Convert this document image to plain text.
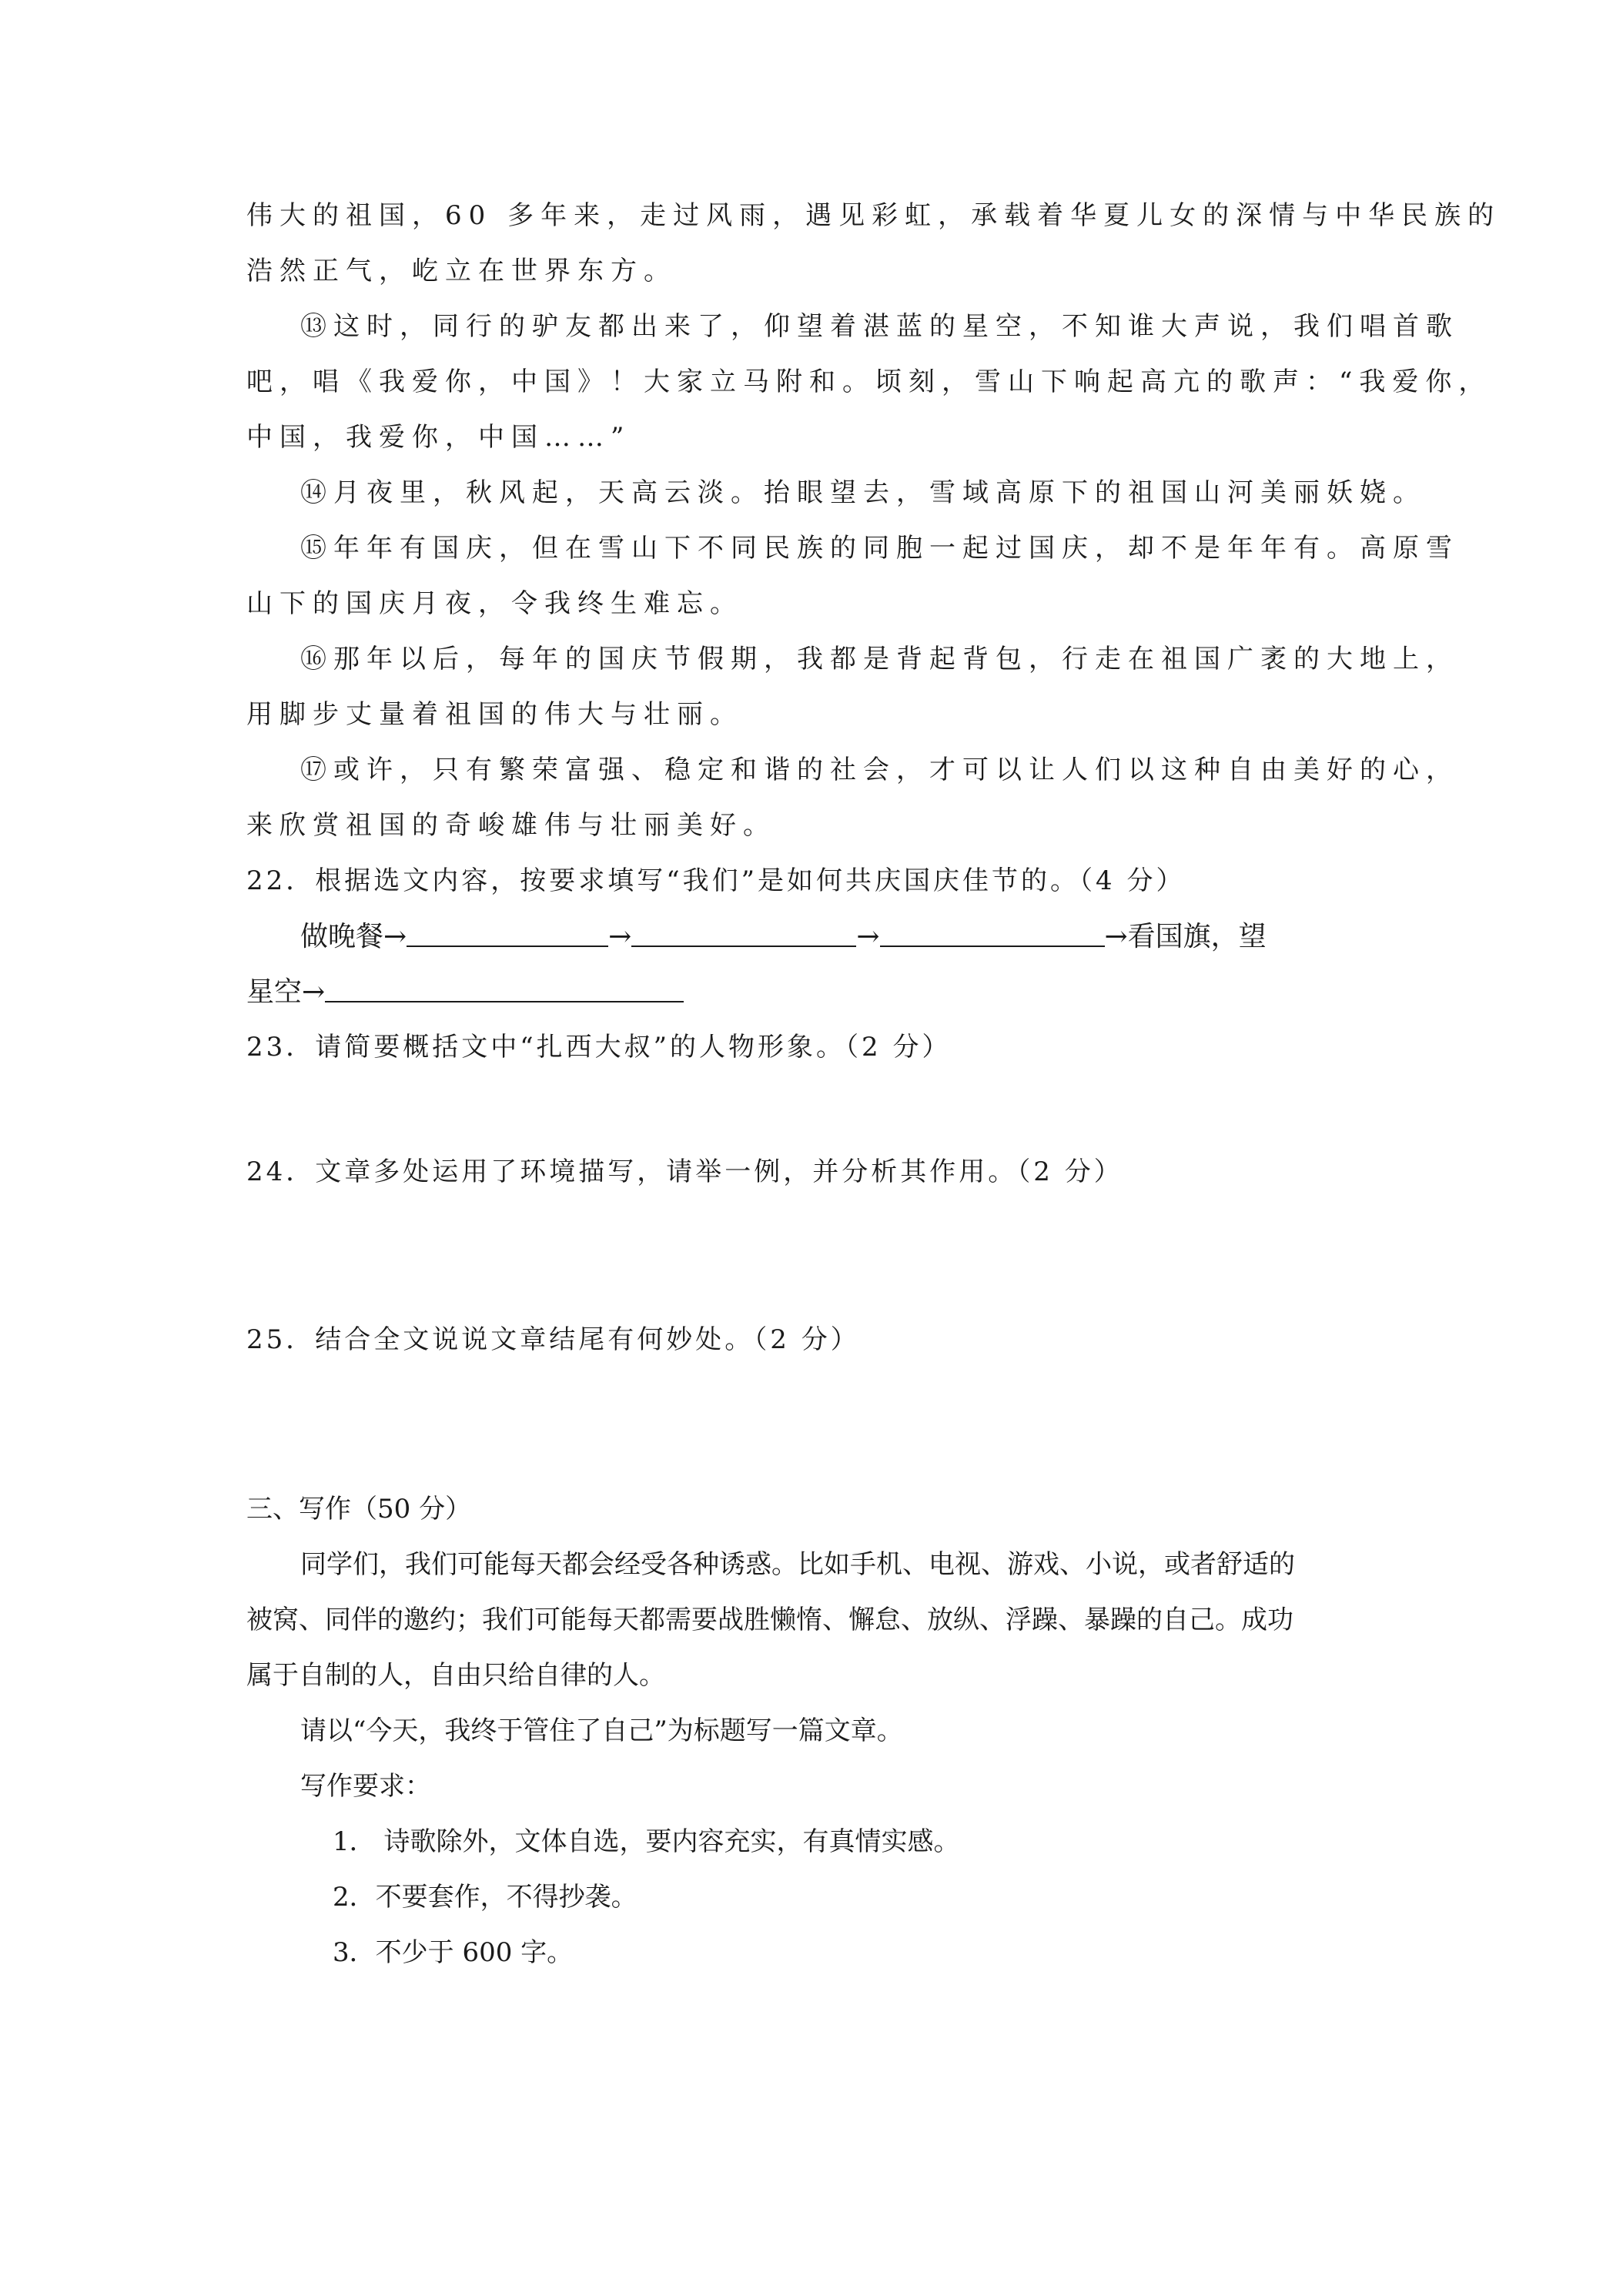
伟大的祖国，60 多年来，走过风雨，遇见彩虹，承载着华夏儿女的深情与中华民族的
浩然正气，屹立在世界东方。
⑬这时，同行的驴友都出来了，仰望着湛蓝的星空，不知谁大声说，我们唱首歌
吧，唱《我爱你，中国》！大家立马附和。顷刻，雪山下响起高亢的歌声：“我爱你，
中国，我爱你，中国……”
⑭月夜里，秋风起，天高云淡。抬眼望去，雪域高原下的祖国山河美丽妖娆。
⑮年年有国庆，但在雪山下不同民族的同胞一起过国庆，却不是年年有。高原雪
山下的国庆月夜，令我终生难忘。
⑯那年以后，每年的国庆节假期，我都是背起背包，行走在祖国广袤的大地上，
用脚步丈量着祖国的伟大与壮丽。
⑰或许，只有繁荣富强、稳定和谐的社会，才可以让人们以这种自由美好的心，
来欣赏祖国的奇峻雄伟与壮丽美好。
22．根据选文内容，按要求填写“我们”是如何共庆国庆佳节的。（4 分）
做晚餐→	→	→	→看国旗，望
星空→
23．请简要概括文中“扎西大叔”的人物形象。（2 分）
24．文章多处运用了环境描写，请举一例，并分析其作用。（2 分）
25．结合全文说说文章结尾有何妙处。（2 分）
三、写作（50 分）
同学们，我们可能每天都会经受各种诱惑。比如手机、电视、游戏、小说，或者舒适的
被窝、同伴的邀约；我们可能每天都需要战胜懒惰、懈怠、放纵、浮躁、暴躁的自己。成功
属于自制的人，自由只给自律的人。
请以“今天，我终于管住了自己”为标题写一篇文章。
写作要求：
1． 诗歌除外，文体自选，要内容充实，有真情实感。
2．不要套作，不得抄袭。
3．不少于 600 字。
